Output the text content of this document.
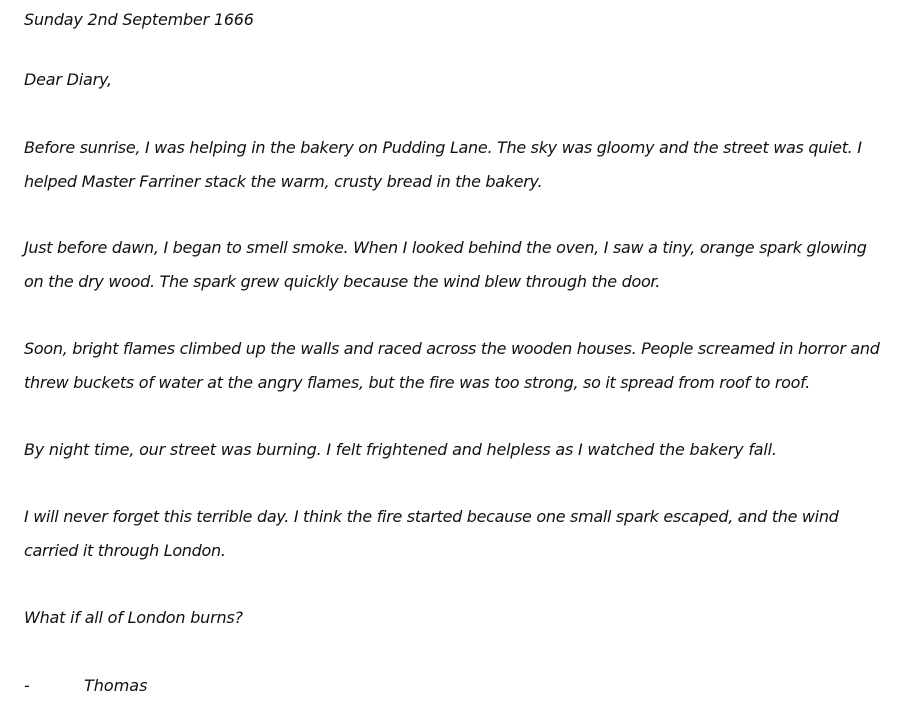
Sunday 2nd September 1666

Dear Diary,

Before sunrise, I was helping in the bakery on Pudding Lane. The sky was gloomy and the street was quiet. I helped Master Farriner stack the warm, crusty bread in the bakery.

Just before dawn, I began to smell smoke. When I looked behind the oven, I saw a tiny, orange spark glowing on the dry wood. The spark grew quickly because the wind blew through the door.

Soon, bright flames climbed up the walls and raced across the wooden houses. People screamed in horror and threw buckets of water at the angry flames, but the fire was too strong, so it spread from roof to roof.

By night time, our street was burning. I felt frightened and helpless as I watched the bakery fall.

I will never forget this terrible day. I think the fire started because one small spark escaped, and the wind carried it through London.

What if all of London burns?

-	Thomas
